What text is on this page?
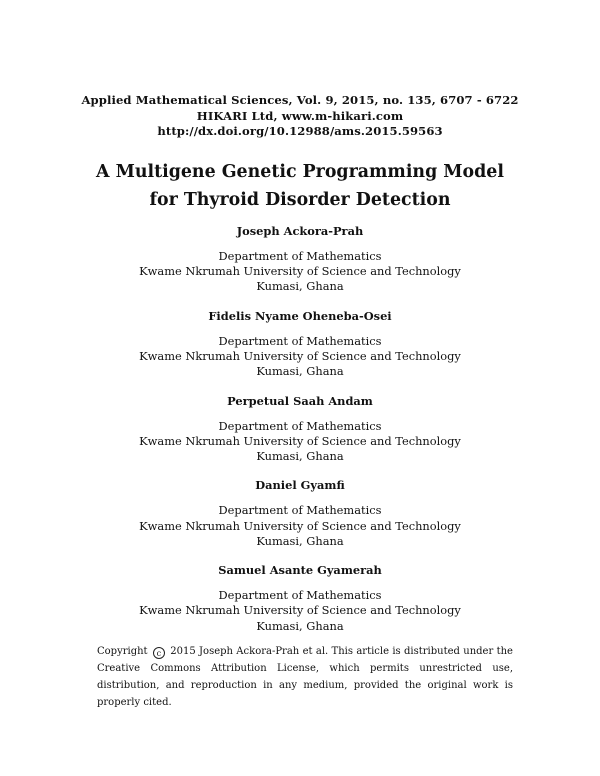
Applied Mathematical Sciences, Vol. 9, 2015, no. 135, 6707 - 6722
HIKARI Ltd, www.m-hikari.com
http://dx.doi.org/10.12988/ams.2015.59563
A Multigene Genetic Programming Model
for Thyroid Disorder Detection
Joseph Ackora-Prah
Department of Mathematics
Kwame Nkrumah University of Science and Technology
Kumasi, Ghana
Fidelis Nyame Oheneba-Osei
Department of Mathematics
Kwame Nkrumah University of Science and Technology
Kumasi, Ghana
Perpetual Saah Andam
Department of Mathematics
Kwame Nkrumah University of Science and Technology
Kumasi, Ghana
Daniel Gyamfi
Department of Mathematics
Kwame Nkrumah University of Science and Technology
Kumasi, Ghana
Samuel Asante Gyamerah
Department of Mathematics
Kwame Nkrumah University of Science and Technology
Kumasi, Ghana

Copyright c 2015 Joseph Ackora-Prah et al. This article is distributed under the Creative Commons Attribution License, which permits unrestricted use, distribution, and reproduction in any medium, provided the original work is properly cited.
